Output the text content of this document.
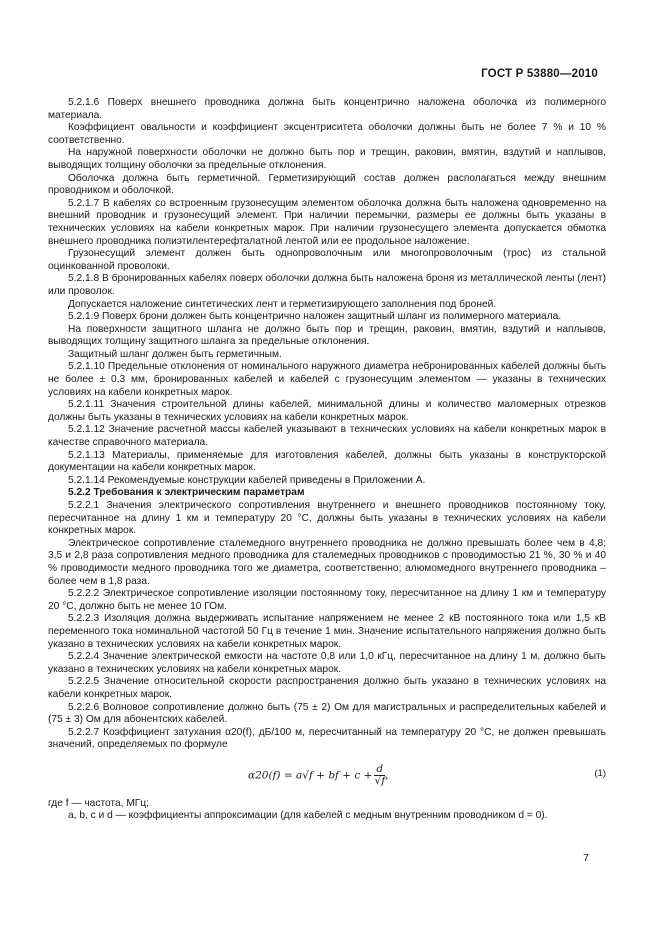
ГОСТ Р 53880—2010

5.2.1.6 Поверх внешнего проводника должна быть концентрично наложена оболочка из полимерного материала.

Коэффициент овальности и коэффициент эксцентриситета оболочки должны быть не более 7 % и 10 % соответственно.

На наружной поверхности оболочки не должно быть пор и трещин, раковин, вмятин, вздутий и наплывов, выводящих толщину оболочки за предельные отклонения.

Оболочка должна быть герметичной. Герметизирующий состав должен располагаться между внешним проводником и оболочкой.

5.2.1.7 В кабелях со встроенным грузонесущим элементом оболочка должна быть наложена одновременно на внешний проводник и грузонесущий элемент. При наличии перемычки, размеры ее должны быть указаны в технических условиях на кабели конкретных марок. При наличии грузонесущего элемента допускается обмотка внешнего проводника полиэтилентерефталатной лентой или ее продольное наложение.

Грузонесущий элемент должен быть однопроволочным или многопроволочным (трос) из стальной оцинкованной проволоки.

5.2.1.8 В бронированных кабелях поверх оболочки должна быть наложена броня из металлической ленты (лент) или проволок.

Допускается наложение синтетических лент и герметизирующего заполнения под броней.

5.2.1.9 Поверх брони должен быть концентрично наложен защитный шланг из полимерного материала.

На поверхности защитного шланга не должно быть пор и трещин, раковин, вмятин, вздутий и наплывов, выводящих толщину защитного шланга за предельные отклонения.

Защитный шланг должен быть герметичным.

5.2.1.10 Предельные отклонения от номинального наружного диаметра небронированных кабелей должны быть не более ± 0,3 мм, бронированных кабелей и кабелей с грузонесущим элементом — указаны в технических условиях на кабели конкретных марок.

5.2.1.11 Значения строительной длины кабелей, минимальной длины и количество маломерных отрезков должны быть указаны в технических условиях на кабели конкретных марок.

5.2.1.12 Значение расчетной массы кабелей указывают в технических условиях на кабели конкретных марок в качестве справочного материала.

5.2.1.13 Материалы, применяемые для изготовления кабелей, должны быть указаны в конструкторской документации на кабели конкретных марок.

5.2.1.14 Рекомендуемые конструкции кабелей приведены в Приложении А.

5.2.2 Требования к электрическим параметрам

5.2.2.1 Значения электрического сопротивления внутреннего и внешнего проводников постоянному току, пересчитанное на длину 1 км и температуру 20 °С, должны быть указаны в технических условиях на кабели конкретных марок.

Электрическое сопротивление сталемедного внутреннего проводника не должно превышать более чем в 4,8; 3,5 и 2,8 раза сопротивления медного проводника для сталемедных проводников с проводимостью 21 %, 30 % и 40 % проводимости медного проводника того же диаметра, соответственно; алюмомедного внутреннего проводника – более чем в 1,8 раза.

5.2.2.2 Электрическое сопротивление изоляции постоянному току, пересчитанное на длину 1 км и температуру 20 °С, должно быть не менее 10 ГОм.

5.2.2.3 Изоляция должна выдерживать испытание напряжением не менее 2 кВ постоянного тока или 1,5 кВ переменного тока номинальной частотой 50 Гц в течение 1 мин. Значение испытательного напряжения должно быть указано в технических условиях на кабели конкретных марок.

5.2.2.4 Значение электрической емкости на частоте 0,8 или 1,0 кГц, пересчитанное на длину 1 м, должно быть указано в технических условиях на кабели конкретных марок.

5.2.2.5 Значение относительной скорости распространения должно быть указано в технических условиях на кабели конкретных марок.

5.2.2.6 Волновое сопротивление должно быть (75 ± 2) Ом для магистральных и распределительных кабелей и (75 ± 3) Ом для абонентских кабелей.

5.2.2.7 Коэффициент затухания α20(f), дБ/100 м, пересчитанный на температуру 20 °С, не должен превышать значений, определяемых по формуле

α20(f) = a√f + bf + $c + \frac{d}{√f}$ ,	(1)

где f — частота, МГц;

a, b, c и d — коэффициенты аппроксимации (для кабелей с медным внутренним проводником d = 0).

7
